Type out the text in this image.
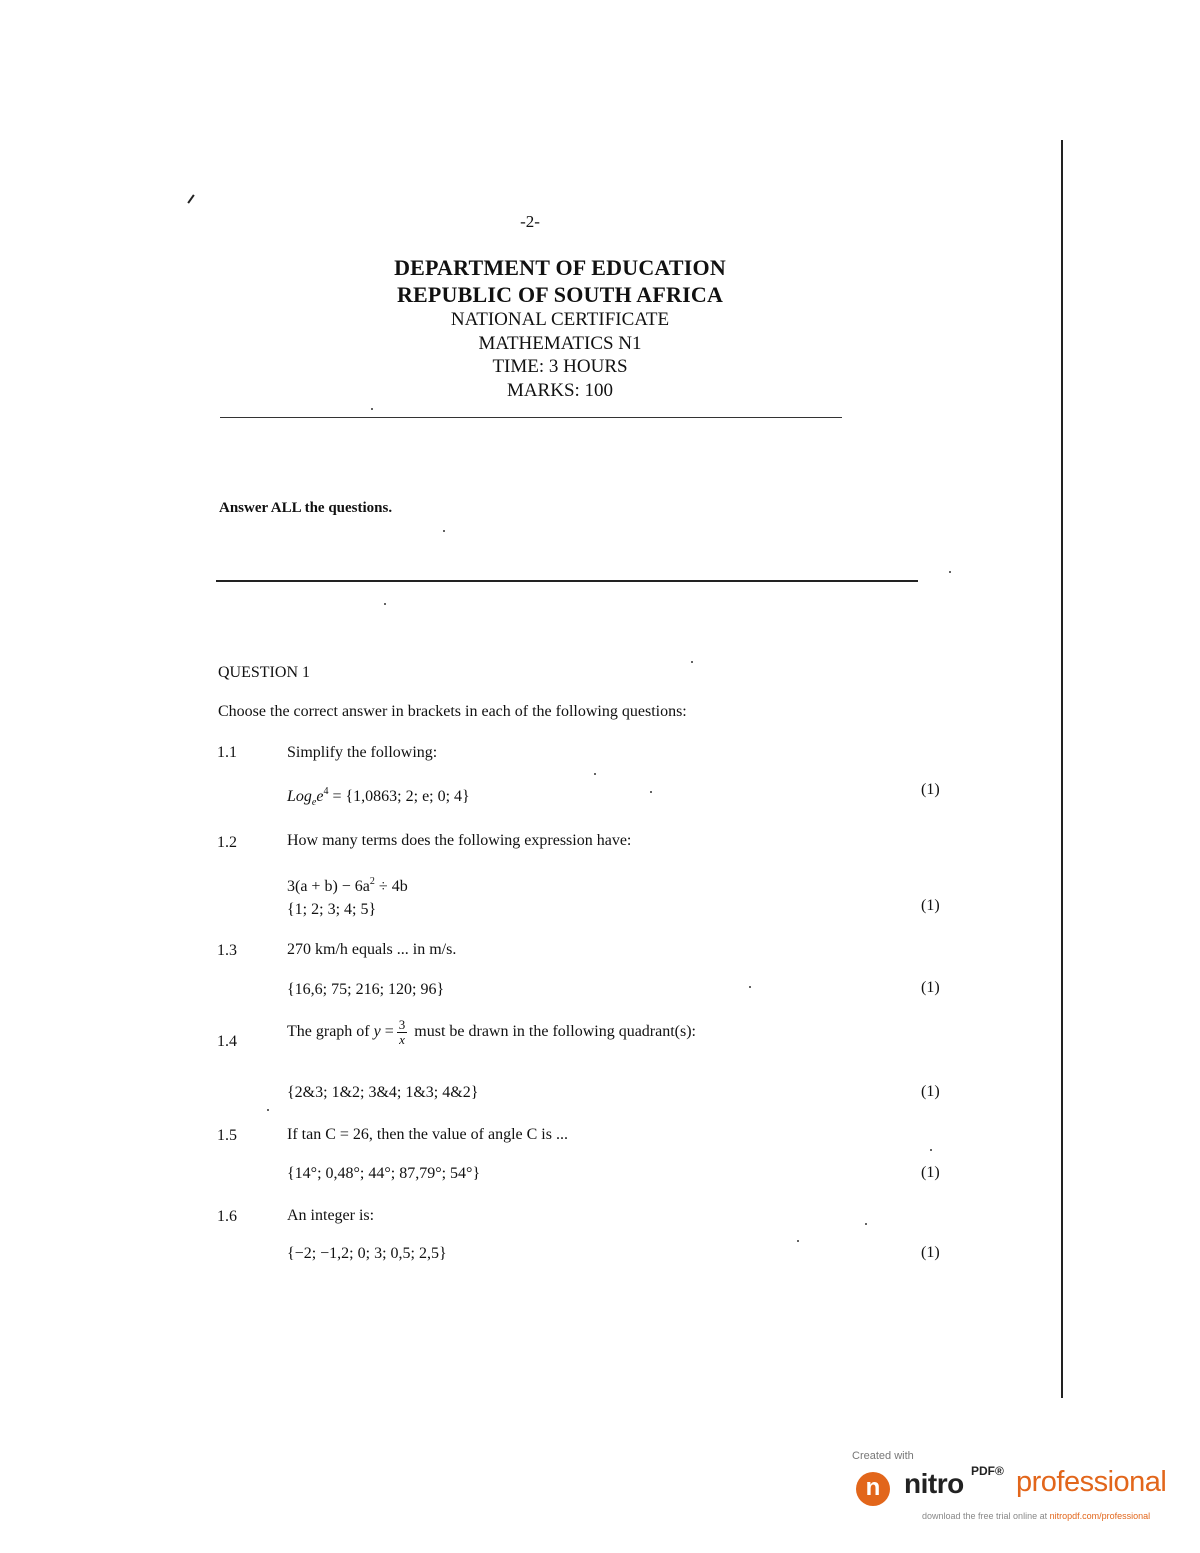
-2-
DEPARTMENT OF EDUCATION
REPUBLIC OF SOUTH AFRICA
NATIONAL CERTIFICATE
MATHEMATICS N1
TIME: 3 HOURS
MARKS: 100
Answer ALL the questions.
QUESTION 1
Choose the correct answer in brackets in each of the following questions:
1.1	Simplify the following:
$Log_ee^4 = \{1,0863$; 2; e; 0; 4}	(1)
1.2	How many terms does the following expression have:
$3(a + b) - 6a^2 \div 4b$
{1; 2; 3; 4; 5}	(1)
1.3	270 km/h equals ... in m/s.
{16,6; 75; 216; 120; 96}	(1)
1.4
The graph of $y = \frac{3}{x}$ must be drawn in the following quadrant(s):
{2&3; 1&2; 3&4; 1&3; 4&2}	(1)
1.5	If tan C = 26, then the value of angle C is ...
{14°; 0,48°; 44°; 87,79°; 54°}	(1)
1.6	An integer is:
{−2; −1,2; 0; 3; 0,5; 2,5}	(1)
Created with
n nitro PDF® professional
download the free trial online at nitropdf.com/professional
